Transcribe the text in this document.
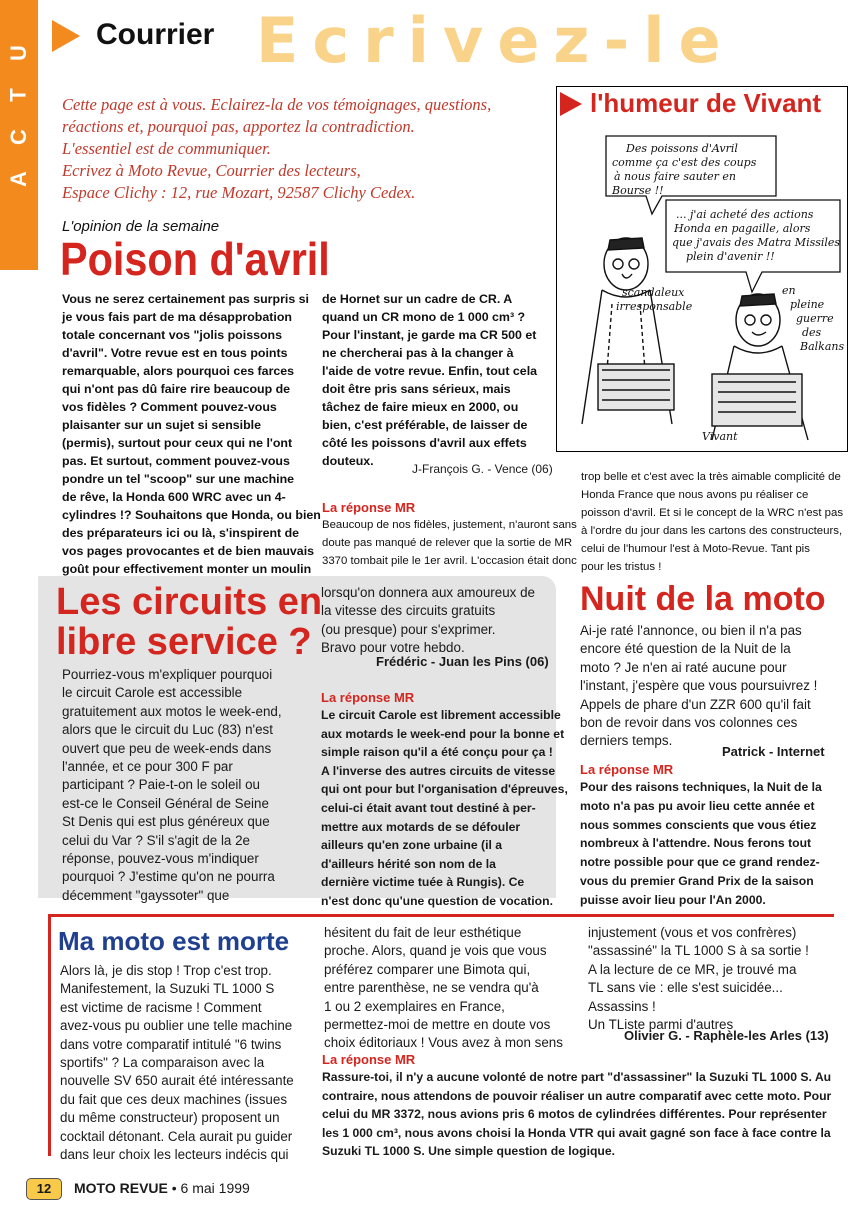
A
C
T
U
Courrier Ecrivez-le
Cette page est à vous. Eclairez-la de vos témoignages, questions,
réactions et, pourquoi pas, apportez la contradiction.
L'essentiel est de communiquer.
Ecrivez à Moto Revue, Courrier des lecteurs,
Espace Clichy : 12, rue Mozart, 92587 Clichy Cedex.
l'humeur de Vivant
Des poissons d'Avril
comme ça c'est des coups
à nous faire sauter en
Bourse !!
... j'ai acheté des actions
Honda en pagaille, alors
que j'avais des Matra Missiles
plein d'avenir !!
scandaleux
irresponsable
en
pleine
guerre
des
Balkans
Vivant
L'opinion de la semaine
Poison d'avril
Vous ne serez certainement pas surpris si
je vous fais part de ma désapprobation
totale concernant vos "jolis poissons
d'avril". Votre revue est en tous points
remarquable, alors pourquoi ces farces
qui n'ont pas dû faire rire beaucoup de
vos fidèles ? Comment pouvez-vous
plaisanter sur un sujet si sensible
(permis), surtout pour ceux qui ne l'ont
pas. Et surtout, comment pouvez-vous
pondre un tel "scoop" sur une machine
de rêve, la Honda 600 WRC avec un 4-
cylindres !? Souhaitons que Honda, ou bien
des préparateurs ici ou là, s'inspirent de
vos pages provocantes et de bien mauvais
goût pour effectivement monter un moulin
de Hornet sur un cadre de CR. A
quand un CR mono de 1 000 cm³ ?
Pour l'instant, je garde ma CR 500 et
ne chercherai pas à la changer à
l'aide de votre revue. Enfin, tout cela
doit être pris sans sérieux, mais
tâchez de faire mieux en 2000, ou
bien, c'est préférable, de laisser de
côté les poissons d'avril aux effets
douteux.
J-François G. - Vence (06)
La réponse MR
Beaucoup de nos fidèles, justement, n'auront sans
doute pas manqué de relever que la sortie de MR
3370 tombait pile le 1er avril. L'occasion était donc
trop belle et c'est avec la très aimable complicité de
Honda France que nous avons pu réaliser ce
poisson d'avril. Et si le concept de la WRC n'est pas
à l'ordre du jour dans les cartons des constructeurs,
celui de l'humour l'est à Moto-Revue. Tant pis
pour les tristus !
Les circuits en
libre service ?
Pourriez-vous m'expliquer pourquoi
le circuit Carole est accessible
gratuitement aux motos le week-end,
alors que le circuit du Luc (83) n'est
ouvert que peu de week-ends dans
l'année, et ce pour 300 F par
participant ? Paie-t-on le soleil ou
est-ce le Conseil Général de Seine
St Denis qui est plus généreux que
celui du Var ? S'il s'agit de la 2e
réponse, pouvez-vous m'indiquer
pourquoi ? J'estime qu'on ne pourra
décemment "gayssoter" que
lorsqu'on donnera aux amoureux de
la vitesse des circuits gratuits
(ou presque) pour s'exprimer.
Bravo pour votre hebdo.
Frédéric - Juan les Pins (06)
La réponse MR
Le circuit Carole est librement accessible
aux motards le week-end pour la bonne et
simple raison qu'il a été conçu pour ça !
A l'inverse des autres circuits de vitesse
qui ont pour but l'organisation d'épreuves,
celui-ci était avant tout destiné à per-
mettre aux motards de se défouler
ailleurs qu'en zone urbaine (il a
d'ailleurs hérité son nom de la
dernière victime tuée à Rungis). Ce
n'est donc qu'une question de vocation.
Nuit de la moto
Ai-je raté l'annonce, ou bien il n'a pas
encore été question de la Nuit de la
moto ? Je n'en ai raté aucune pour
l'instant, j'espère que vous poursuivrez !
Appels de phare d'un ZZR 600 qu'il fait
bon de revoir dans vos colonnes ces
derniers temps.
Patrick - Internet
La réponse MR
Pour des raisons techniques, la Nuit de la
moto n'a pas pu avoir lieu cette année et
nous sommes conscients que vous étiez
nombreux à l'attendre. Nous ferons tout
notre possible pour que ce grand rendez-
vous du premier Grand Prix de la saison
puisse avoir lieu pour l'An 2000.
Ma moto est morte
Alors là, je dis stop ! Trop c'est trop.
Manifestement, la Suzuki TL 1000 S
est victime de racisme ! Comment
avez-vous pu oublier une telle machine
dans votre comparatif intitulé "6 twins
sportifs" ? La comparaison avec la
nouvelle SV 650 aurait été intéressante
du fait que ces deux machines (issues
du même constructeur) proposent un
cocktail détonant. Cela aurait pu guider
dans leur choix les lecteurs indécis qui
hésitent du fait de leur esthétique
proche. Alors, quand je vois que vous
préférez comparer une Bimota qui,
entre parenthèse, ne se vendra qu'à
1 ou 2 exemplaires en France,
permettez-moi de mettre en doute vos
choix éditoriaux ! Vous avez à mon sens
injustement (vous et vos confrères)
"assassiné" la TL 1000 S à sa sortie !
A la lecture de ce MR, je trouvé ma
TL sans vie : elle s'est suicidée...
Assassins !
Un TListe parmi d'autres
Olivier G. - Raphèle-les Arles (13)
La réponse MR
Rassure-toi, il n'y a aucune volonté de notre part "d'assassiner" la Suzuki TL 1000 S. Au
contraire, nous attendons de pouvoir réaliser un autre comparatif avec cette moto. Pour
celui du MR 3372, nous avions pris 6 motos de cylindrées différentes. Pour représenter
les 1 000 cm³, nous avons choisi la Honda VTR qui avait gagné son face à face contre la
Suzuki TL 1000 S. Une simple question de logique.
12	MOTO REVUE • 6 mai 1999
